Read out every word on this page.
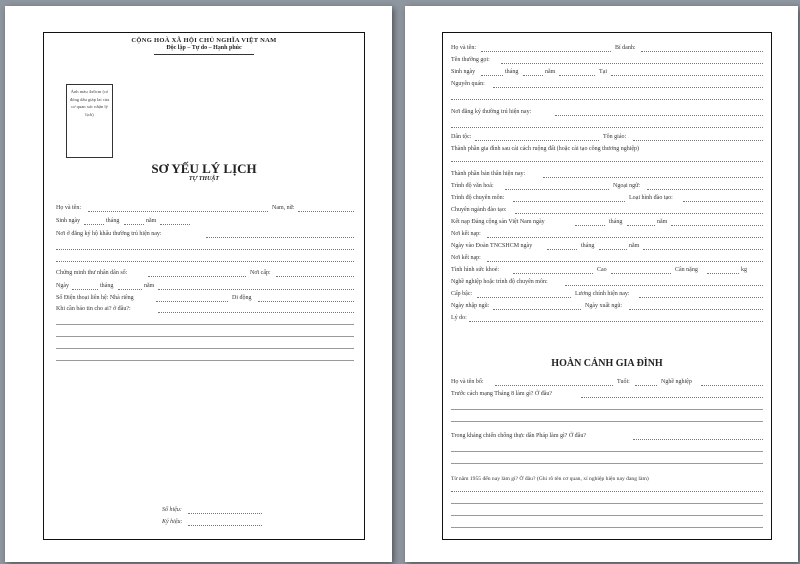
CỘNG HOÀ XÃ HỘI CHỦ NGHĨA VIỆT NAM
Độc lập – Tự do – Hạnh phúc
Ảnh màu 4x6cm (có đóng dấu giáp lai của cơ quan xác nhận lý lịch)
SƠ YẾU LÝ LỊCH
TỰ THUẬT
Họ và tên:	Nam, nữ:
Sinh ngày	tháng	năm
Nơi ở đăng ký hộ khẩu thường trú hiện nay:
Chứng minh thư nhân dân số:	Nơi cấp:
Ngày	tháng	năm
Số Điện thoại liên hệ: Nhà riêng	Di động
Khi cần báo tin cho ai? ở đâu?:
Số hiệu:
Ký hiệu:
Họ và tên:	Bí danh:
Tên thường gọi:
Sinh ngày	tháng	năm	Tại
Nguyên quán:
Nơi đăng ký thường trú hiện nay:
Dân tộc:	Tôn giáo:
Thành phần gia đình sau cải cách ruộng đất (hoặc cải tạo công thương nghiệp)
Thành phần bản thân hiện nay:
Trình độ văn hoá:	Ngoại ngữ:
Trình độ chuyên môn:	Loại hình đào tạo:
Chuyên ngành đào tạo:
Kết nạp Đảng cộng sản Việt Nam ngày	tháng	năm
Nơi kết nạp:
Ngày vào Đoàn TNCSHCM ngày	tháng	năm
Nơi kết nạp:
Tình hình sức khoẻ:	Cao	Cân nặng	kg
Nghề nghiệp hoặc trình độ chuyên môn:
Cấp bậc:	Lương chính hiện nay:
Ngày nhập ngũ:	Ngày xuất ngũ:
Lý do:
HOÀN CẢNH GIA ĐÌNH
Họ và tên bố:	Tuổi:	Nghề nghiệp
Trước cách mạng Tháng 8 làm gì? Ở đâu?
Trong kháng chiến chống thực dân Pháp làm gì? Ở đâu?
Từ năm 1955 đến nay làm gì? Ở đâu? (Ghi rõ tên cơ quan, xí nghiệp hiện nay đang làm)
